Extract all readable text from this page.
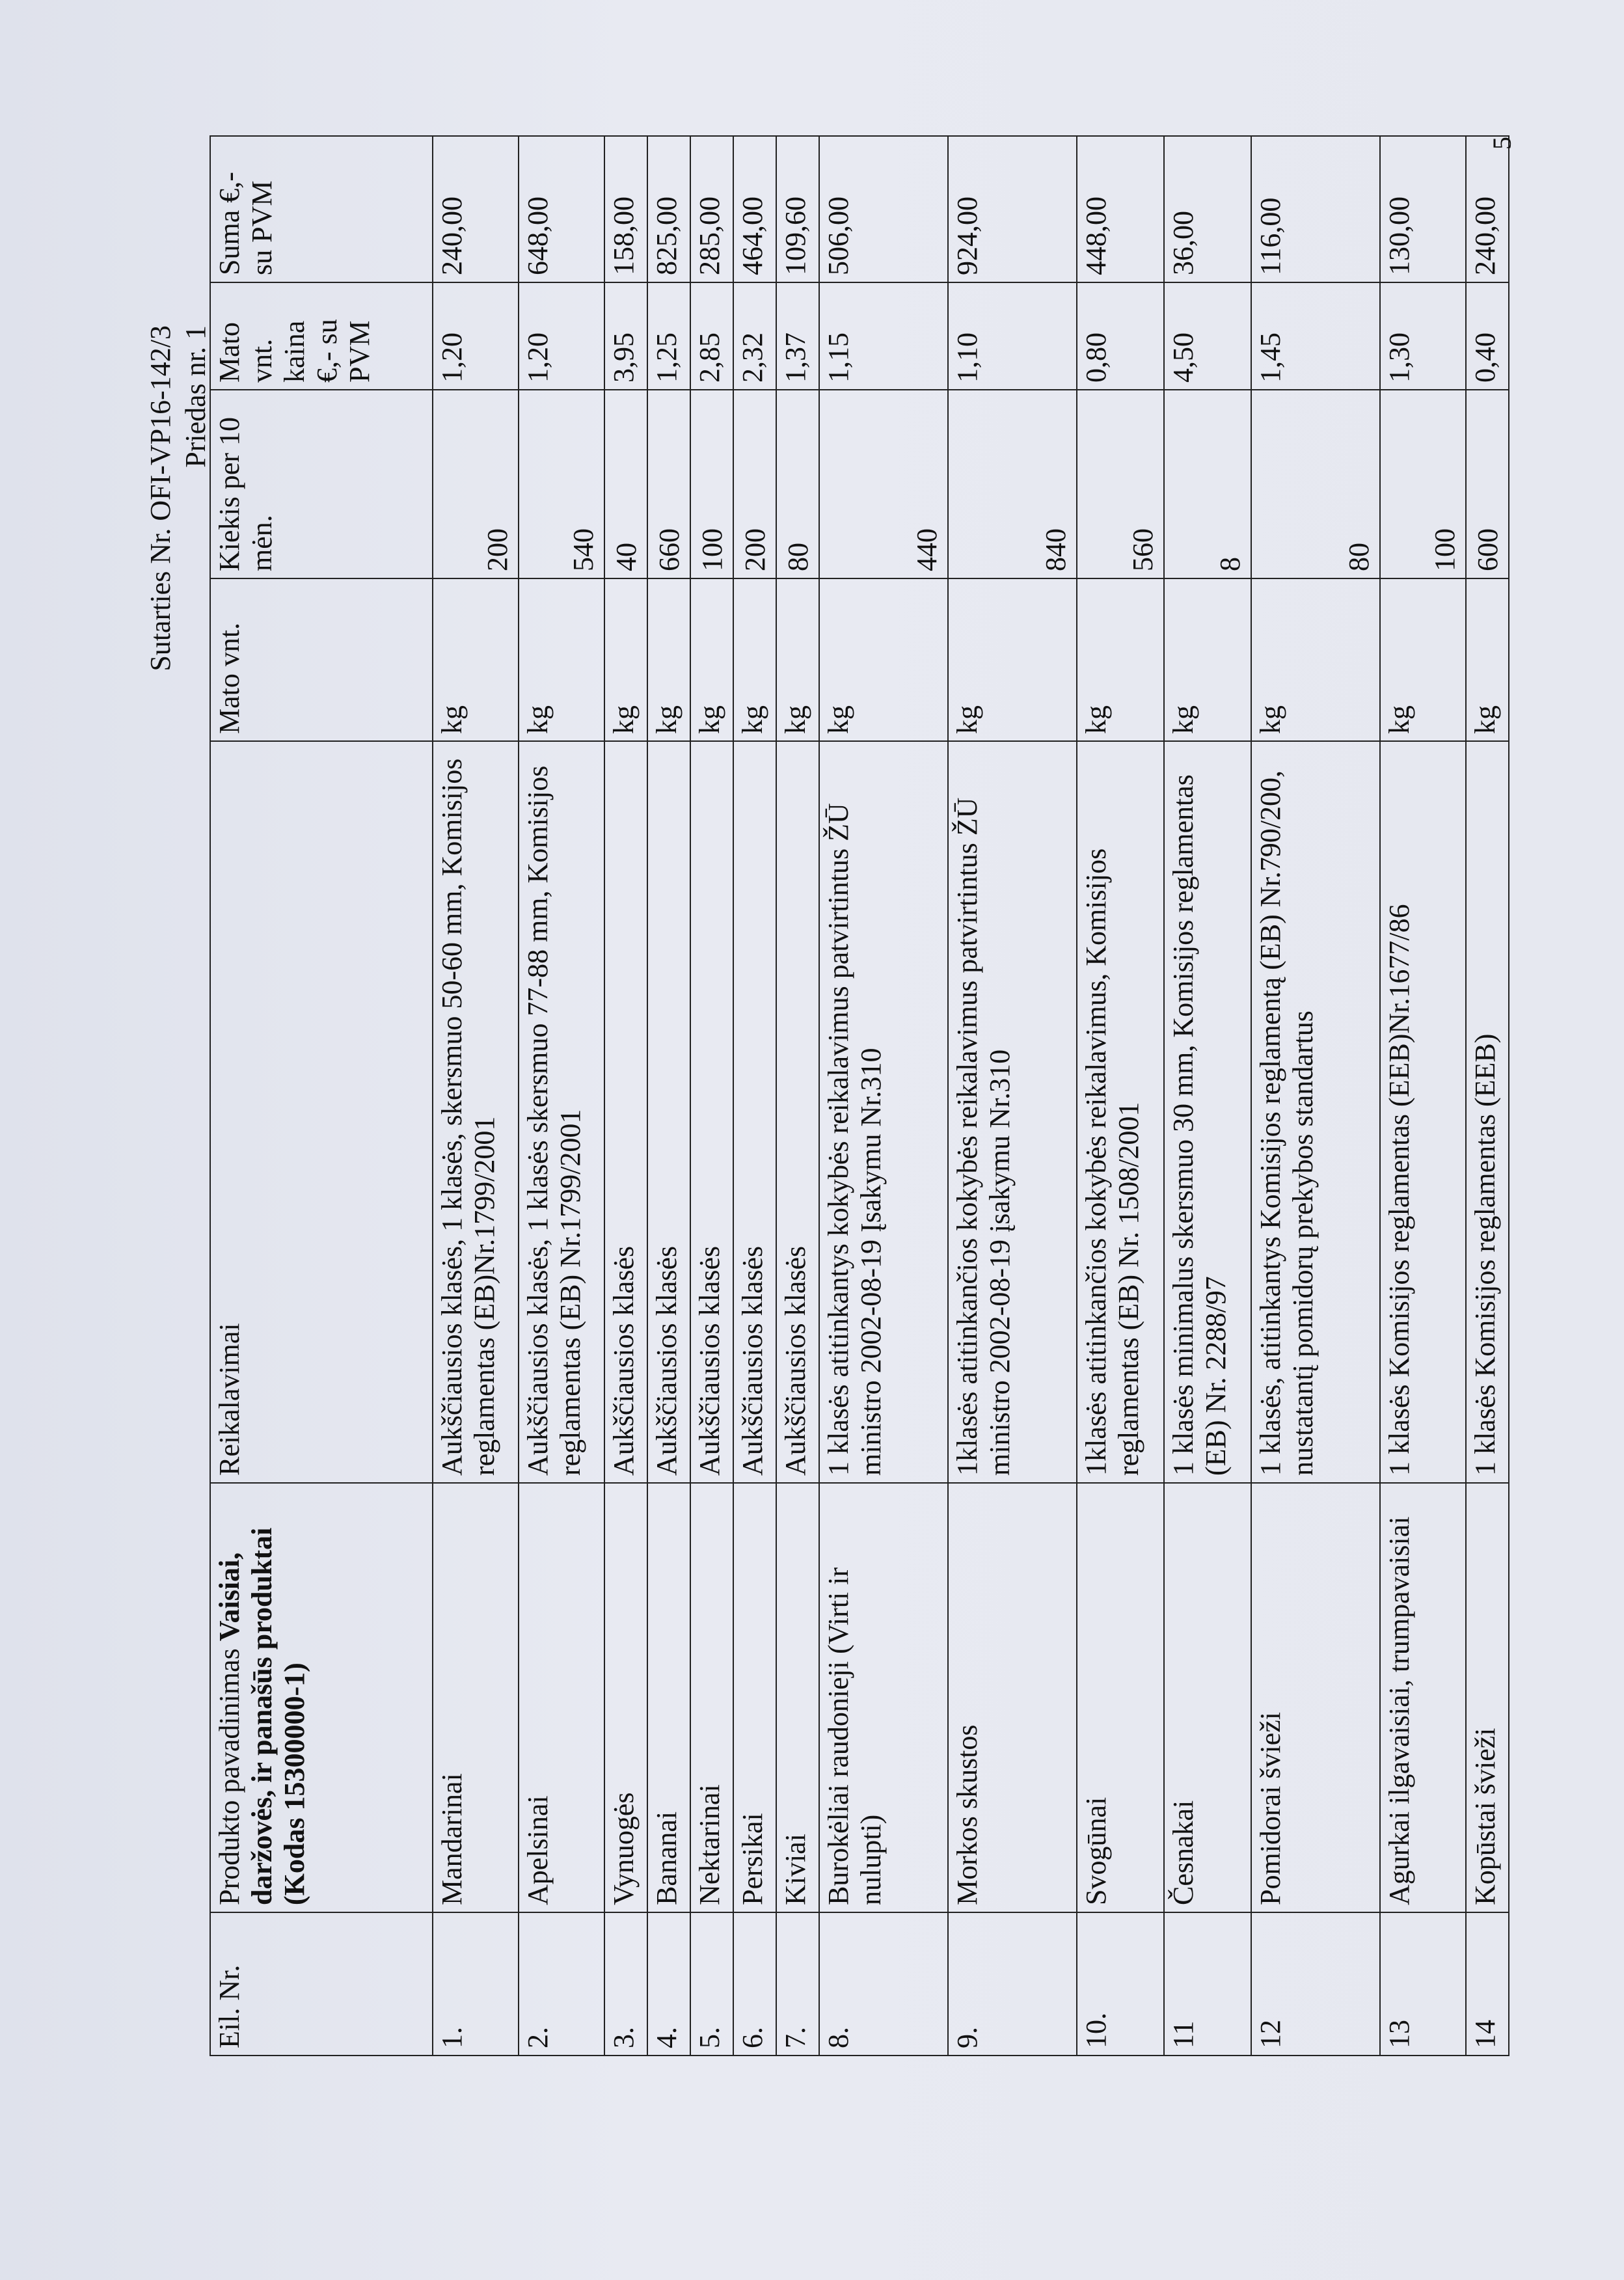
Sutarties Nr. OFI-VP16-142/3 Priedas nr. 1
Eil. Nr.	Produkto pavadinimas Vaisiai, daržovės, ir panašūs produktai (Kodas 15300000-1)	Reikalavimai	Mato vnt.	Kiekis per 10 mėn.	Mato vnt. kaina €,- su PVM	Suma €,- su PVM
1.	Mandarinai	Aukščiausios klasės, 1 klasės, skersmuo 50-60 mm, Komisijos reglamentas (EB)Nr.1799/2001	kg	200	1,20	240,00
2.	Apelsinai	Aukščiausios klasės, 1 klasės skersmuo 77-88 mm, Komisijos reglamentas (EB) Nr.1799/2001	kg	540	1,20	648,00
3.	Vynuogės	Aukščiausios klasės	kg	40	3,95	158,00
4.	Bananai	Aukščiausios klasės	kg	660	1,25	825,00
5.	Nektarinai	Aukščiausios klasės	kg	100	2,85	285,00
6.	Persikai	Aukščiausios klasės	kg	200	2,32	464,00
7.	Kiviai	Aukščiausios klasės	kg	80	1,37	109,60
8.	Burokėliai raudonieji (Virti ir nulupti)	1 klasės atitinkantys kokybės reikalavimus patvirtintus ŽŪ ministro 2002-08-19 Įsakymu Nr.310	kg	440	1,15	506,00
9.	Morkos skustos	1klasės atitinkančios kokybės reikalavimus patvirtintus ŽŪ ministro 2002-08-19 įsakymu Nr.310	kg	840	1,10	924,00
10.	Svogūnai	1klasės atitinkančios kokybės reikalavimus, Komisijos reglamentas (EB) Nr. 1508/2001	kg	560	0,80	448,00
11	Česnakai	1 klasės minimalus skersmuo 30 mm, Komisijos reglamentas (EB) Nr. 2288/97	kg	8	4,50	36,00
12	Pomidorai švieži	1 klasės, atitinkantys Komisijos reglamentą (EB) Nr.790/200, nustatantį pomidorų prekybos standartus	kg	80	1,45	116,00
13	Agurkai ilgavaisiai, trumpavaisiai	1 klasės Komisijos reglamentas (EEB)Nr.1677/86	kg	100	1,30	130,00
14	Kopūstai švieži	1 klasės Komisijos reglamentas (EEB)	kg	600	0,40	240,00
5
